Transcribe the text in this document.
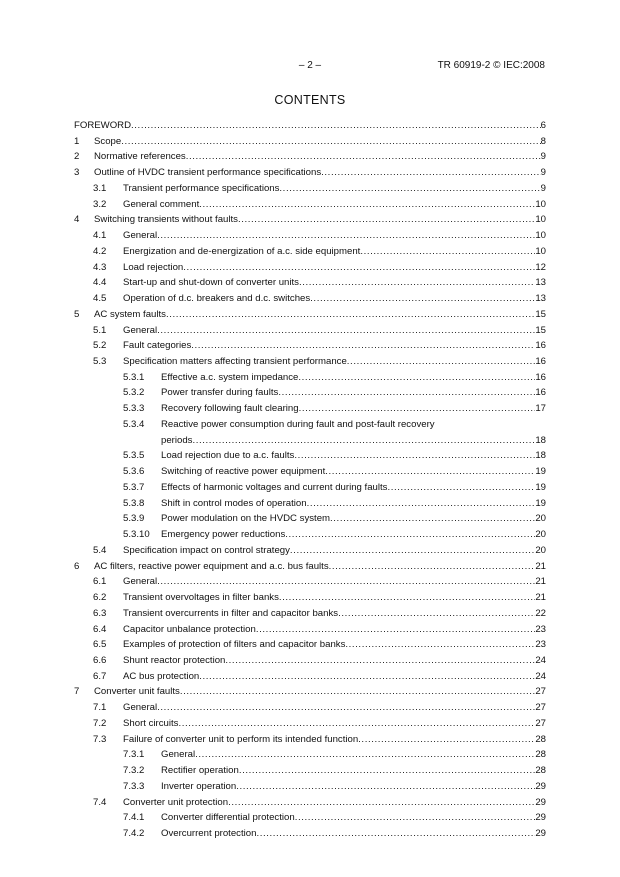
– 2 –	TR 60919-2 © IEC:2008
CONTENTS
FOREWORD .....	6
1 Scope .....	8
2 Normative references .....	9
3 Outline of HVDC transient performance specifications .....	9
3.1 Transient performance specifications .....	9
3.2 General comment .....	10
4 Switching transients without faults .....	10
4.1 General .....	10
4.2 Energization and de-energization of a.c. side equipment .....	10
4.3 Load rejection .....	12
4.4 Start-up and shut-down of converter units .....	13
4.5 Operation of d.c. breakers and d.c. switches .....	13
5 AC system faults .....	15
5.1 General .....	15
5.2 Fault categories .....	16
5.3 Specification matters affecting transient performance .....	16
5.3.1 Effective a.c. system impedance .....	16
5.3.2 Power transfer during faults .....	16
5.3.3 Recovery following fault clearing .....	17
5.3.4 Reactive power consumption during fault and post-fault recovery
periods .....	18
5.3.5 Load rejection due to a.c. faults .....	18
5.3.6 Switching of reactive power equipment .....	19
5.3.7 Effects of harmonic voltages and current during faults .....	19
5.3.8 Shift in control modes of operation .....	19
5.3.9 Power modulation on the HVDC system .....	20
5.3.10 Emergency power reductions .....	20
5.4 Specification impact on control strategy .....	20
6 AC filters, reactive power equipment and a.c. bus faults .....	21
6.1 General .....	21
6.2 Transient overvoltages in filter banks .....	21
6.3 Transient overcurrents in filter and capacitor banks .....	22
6.4 Capacitor unbalance protection .....	23
6.5 Examples of protection of filters and capacitor banks .....	23
6.6 Shunt reactor protection .....	24
6.7 AC bus protection .....	24
7 Converter unit faults .....	27
7.1 General .....	27
7.2 Short circuits .....	27
7.3 Failure of converter unit to perform its intended function .....	28
7.3.1 General .....	28
7.3.2 Rectifier operation .....	28
7.3.3 Inverter operation .....	29
7.4 Converter unit protection .....	29
7.4.1 Converter differential protection .....	29
7.4.2 Overcurrent protection .....	29
